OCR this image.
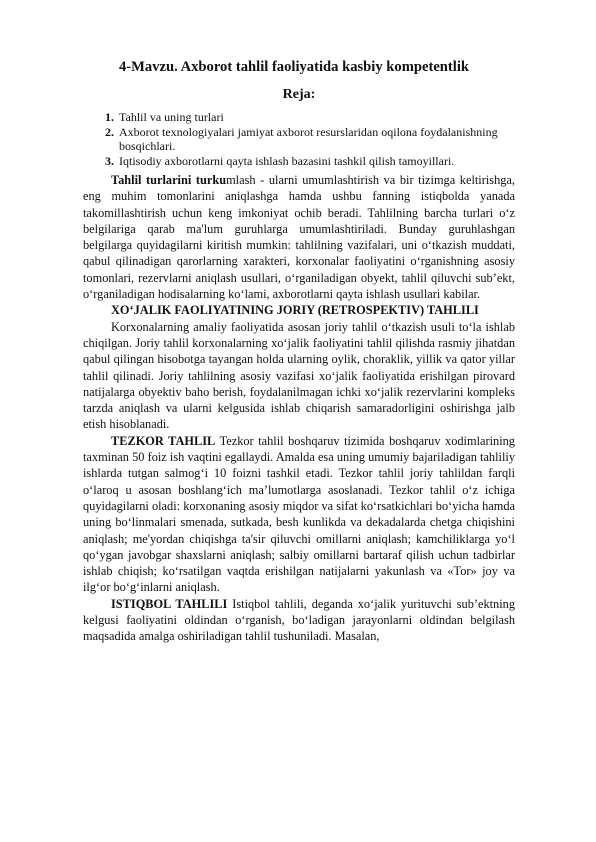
4-Mavzu. Axborot tahlil faoliyatida kasbiy kompetentlik
Reja:
1. Tahlil va uning turlari
2. Axborot texnologiyalari jamiyat axborot resurslaridan oqilona foydalanishning bosqichlari.
3. Iqtisodiy axborotlarni qayta ishlash bazasini tashkil qilish tamoyillari.

Tahlil turlarini turkumlash - ularni umumlashtirish va bir tizimga keltirishga, eng muhim tomonlarini aniqlashga hamda ushbu fanning istiqbolda yanada takomillashtirish uchun keng imkoniyat ochib beradi. Tahlilning barcha turlari o‘z belgilariga qarab ma'lum guruhlarga umumlashtiriladi. Bunday guruhlashgan belgilarga quyidagilarni kiritish mumkin: tahlilning vazifalari, uni o‘tkazish muddati, qabul qilinadigan qarorlarning xarakteri, korxonalar faoliyatini o‘rganishning asosiy tomonlari, rezervlarni aniqlash usullari, o‘rganiladigan obyekt, tahlil qiluvchi sub’ekt, o‘rganiladigan hodisalarning ko‘lami, axborotlarni qayta ishlash usullari kabilar.

XO‘JALIK FAOLIYATINING JORIY (RETROSPEKTIV) TAHLILI

Korxonalarning amaliy faoliyatida asosan joriy tahlil o‘tkazish usuli to‘la ishlab chiqilgan. Joriy tahlil korxonalarning xo‘jalik faoliyatini tahlil qilishda rasmiy jihatdan qabul qilingan hisobotga tayangan holda ularning oylik, choraklik, yillik va qator yillar tahlil qilinadi. Joriy tahlilning asosiy vazifasi xo‘jalik faoliyatida erishilgan pirovard natijalarga obyektiv baho berish, foydalanilmagan ichki xo‘jalik rezervlarini kompleks tarzda aniqlash va ularni kelgusida ishlab chiqarish samaradorligini oshirishga jalb etish hisoblanadi.

TEZKOR TAHLIL Tezkor tahlil boshqaruv tizimida boshqaruv xodimlarining taxminan 50 foiz ish vaqtini egallaydi. Amalda esa uning umumiy bajariladigan tahliliy ishlarda tutgan salmog‘i 10 foizni tashkil etadi. Tezkor tahlil joriy tahlildan farqli o‘laroq u asosan boshlang‘ich ma’lumotlarga asoslanadi. Tezkor tahlil o‘z ichiga quyidagilarni oladi: korxonaning asosiy miqdor va sifat ko‘rsatkichlari bo‘yicha hamda uning bo‘linmalari smenada, sutkada, besh kunlikda va dekadalarda chetga chiqishini aniqlash; me'yordan chiqishga ta'sir qiluvchi omillarni aniqlash; kamchiliklarga yo‘l qo‘ygan javobgar shaxslarni aniqlash; salbiy omillarni bartaraf qilish uchun tadbirlar ishlab chiqish; ko‘rsatilgan vaqtda erishilgan natijalarni yakunlash va «Tor» joy va ilg‘or bo‘g‘inlarni aniqlash.

ISTIQBOL TAHLILI Istiqbol tahlili, deganda xo‘jalik yurituvchi sub’ektning kelgusi faoliyatini oldindan o‘rganish, bo‘ladigan jarayonlarni oldindan belgilash maqsadida amalga oshiriladigan tahlil tushuniladi. Masalan,
